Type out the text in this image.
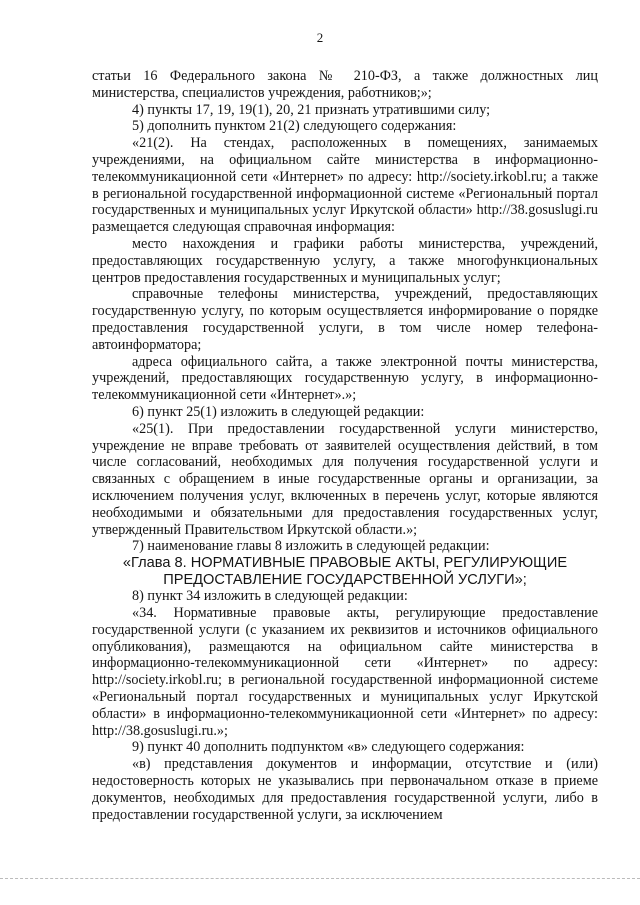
2

статьи 16 Федерального закона № 210-ФЗ, а также должностных лиц министерства, специалистов учреждения, работников;»;

4) пункты 17, 19, 19(1), 20, 21 признать утратившими силу;

5) дополнить пунктом 21(2) следующего содержания:

«21(2). На стендах, расположенных в помещениях, занимаемых учреждениями, на официальном сайте министерства в информационно-телекоммуникационной сети «Интернет» по адресу: http://society.irkobl.ru; а также в региональной государственной информационной системе «Региональный портал государственных и муниципальных услуг Иркутской области» http://38.gosuslugi.ru размещается следующая справочная информация:

место нахождения и графики работы министерства, учреждений, предоставляющих государственную услугу, а также многофункциональных центров предоставления государственных и муниципальных услуг;

справочные телефоны министерства, учреждений, предоставляющих государственную услугу, по которым осуществляется информирование о порядке предоставления государственной услуги, в том числе номер телефона-автоинформатора;

адреса официального сайта, а также электронной почты министерства, учреждений, предоставляющих государственную услугу, в информационно-телекоммуникационной сети «Интернет».»;

6) пункт 25(1) изложить в следующей редакции:

«25(1). При предоставлении государственной услуги министерство, учреждение не вправе требовать от заявителей осуществления действий, в том числе согласований, необходимых для получения государственной услуги и связанных с обращением в иные государственные органы и организации, за исключением получения услуг, включенных в перечень услуг, которые являются необходимыми и обязательными для предоставления государственных услуг, утвержденный Правительством Иркутской области.»;

7) наименование главы 8 изложить в следующей редакции:

«Глава 8. НОРМАТИВНЫЕ ПРАВОВЫЕ АКТЫ, РЕГУЛИРУЮЩИЕ ПРЕДОСТАВЛЕНИЕ ГОСУДАРСТВЕННОЙ УСЛУГИ»;

8) пункт 34 изложить в следующей редакции:

«34. Нормативные правовые акты, регулирующие предоставление государственной услуги (с указанием их реквизитов и источников официального опубликования), размещаются на официальном сайте министерства в информационно-телекоммуникационной сети «Интернет» по адресу: http://society.irkobl.ru; в региональной государственной информационной системе «Региональный портал государственных и муниципальных услуг Иркутской области» в информационно-телекоммуникационной сети «Интернет» по адресу: http://38.gosuslugi.ru.»;

9) пункт 40 дополнить подпунктом «в» следующего содержания:

«в) представления документов и информации, отсутствие и (или) недостоверность которых не указывались при первоначальном отказе в приеме документов, необходимых для предоставления государственной услуги, либо в предоставлении государственной услуги, за исключением
